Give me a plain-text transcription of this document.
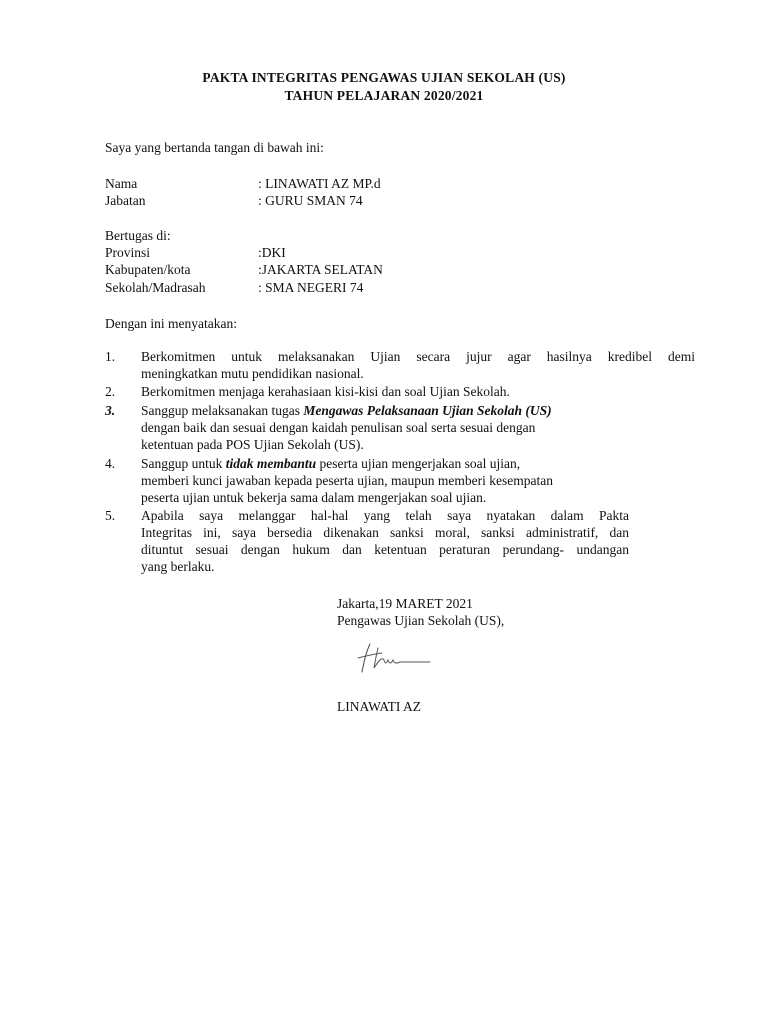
PAKTA INTEGRITAS PENGAWAS UJIAN SEKOLAH (US)
TAHUN PELAJARAN 2020/2021
Saya yang bertanda tangan di bawah ini:
Nama	: LINAWATI AZ MP.d
Jabatan	: GURU SMAN 74
Bertugas di:
Provinsi	:DKI
Kabupaten/kota	:JAKARTA SELATAN
Sekolah/Madrasah	: SMA NEGERI 74
Dengan ini menyatakan:
1. Berkomitmen untuk melaksanakan Ujian secara jujur agar hasilnya kredibel demi
meningkatkan mutu pendidikan nasional.
2. Berkomitmen menjaga kerahasiaan kisi-kisi dan soal Ujian Sekolah.
3. Sanggup melaksanakan tugas Mengawas Pelaksanaan Ujian Sekolah (US)
dengan baik dan sesuai dengan kaidah penulisan soal serta sesuai dengan
ketentuan pada POS Ujian Sekolah (US).
4. Sanggup untuk tidak membantu peserta ujian mengerjakan soal ujian,
memberi kunci jawaban kepada peserta ujian, maupun memberi kesempatan
peserta ujian untuk bekerja sama dalam mengerjakan soal ujian.
5. Apabila saya melanggar hal-hal yang telah saya nyatakan dalam Pakta
Integritas ini, saya bersedia dikenakan sanksi moral, sanksi administratif, dan
dituntut sesuai dengan hukum dan ketentuan peraturan perundang- undangan
yang berlaku.
Jakarta,19 MARET 2021
Pengawas Ujian Sekolah (US),
LINAWATI AZ
